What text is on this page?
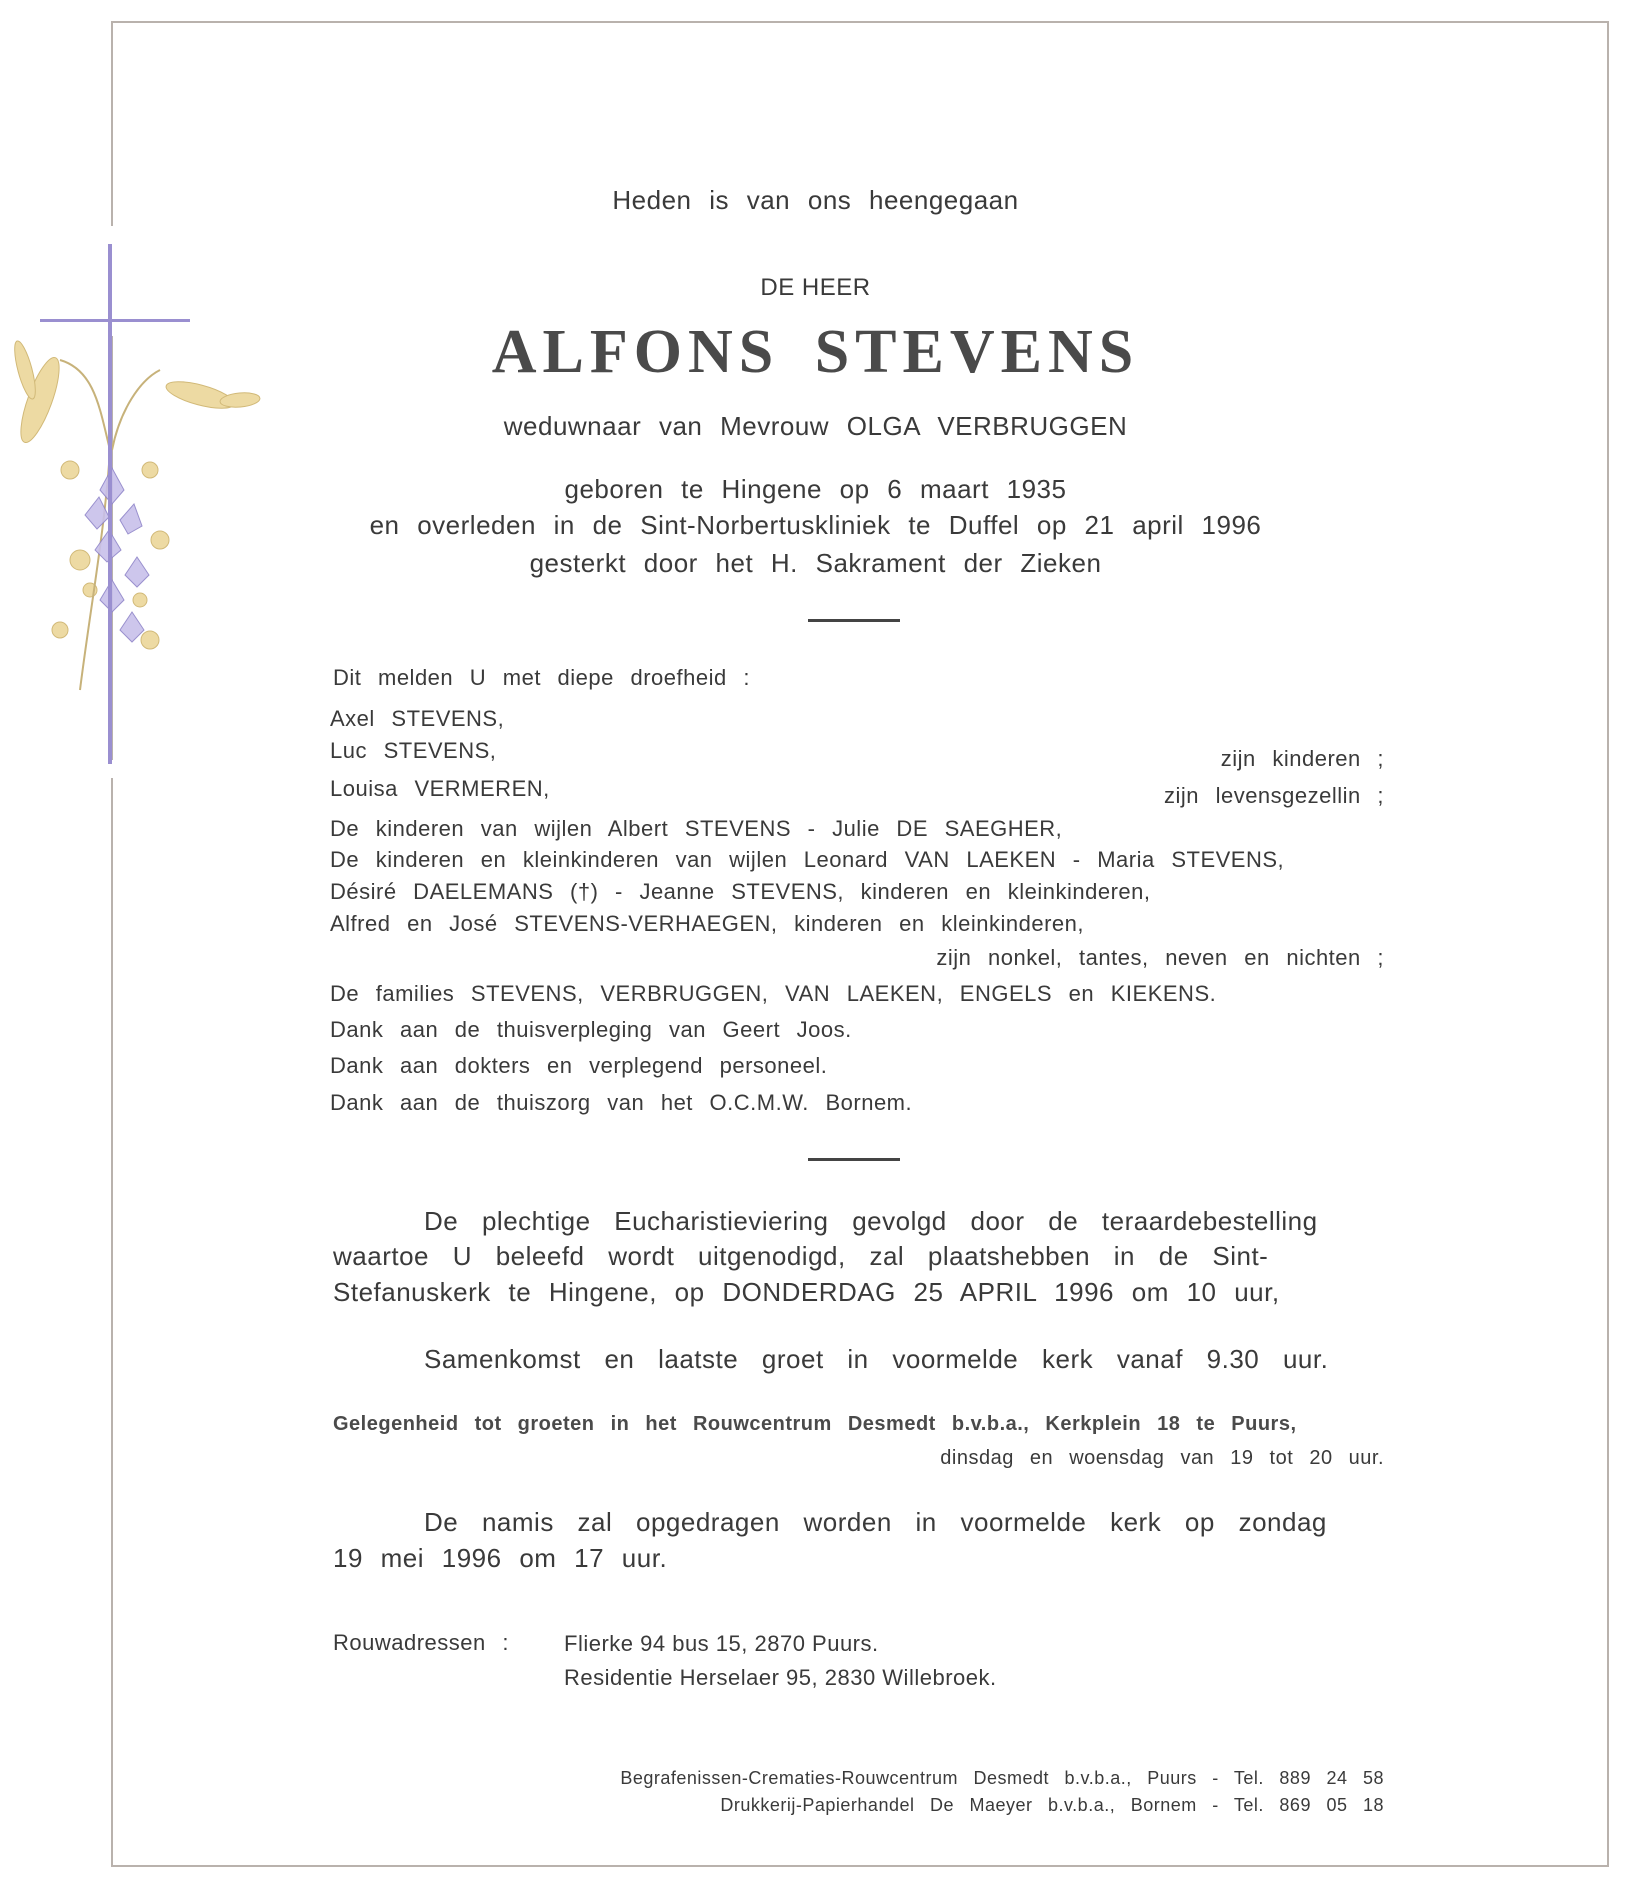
Heden is van ons heengegaan
DE HEER
ALFONS STEVENS
weduwnaar van Mevrouw OLGA VERBRUGGEN
geboren te Hingene op 6 maart 1935
en overleden in de Sint-Norbertuskliniek te Duffel op 21 april 1996
gesterkt door het H. Sakrament der Zieken
Dit melden U met diepe droefheid :
Axel STEVENS,
Luc STEVENS,	zijn kinderen ;
Louisa VERMEREN,	zijn levensgezellin ;
De kinderen van wijlen Albert STEVENS - Julie DE SAEGHER,
De kinderen en kleinkinderen van wijlen Leonard VAN LAEKEN - Maria STEVENS,
Désiré DAELEMANS (†) - Jeanne STEVENS, kinderen en kleinkinderen,
Alfred en José STEVENS-VERHAEGEN, kinderen en kleinkinderen,
zijn nonkel, tantes, neven en nichten ;
De families STEVENS, VERBRUGGEN, VAN LAEKEN, ENGELS en KIEKENS.
Dank aan de thuisverpleging van Geert Joos.
Dank aan dokters en verplegend personeel.
Dank aan de thuiszorg van het O.C.M.W. Bornem.
De plechtige Eucharistieviering gevolgd door de teraardebestelling
waartoe U beleefd wordt uitgenodigd, zal plaatshebben in de Sint-
Stefanuskerk te Hingene, op DONDERDAG 25 APRIL 1996 om 10 uur,
Samenkomst en laatste groet in voormelde kerk vanaf 9.30 uur.
Gelegenheid tot groeten in het Rouwcentrum Desmedt b.v.b.a., Kerkplein 18 te Puurs,
dinsdag en woensdag van 19 tot 20 uur.
De namis zal opgedragen worden in voormelde kerk op zondag
19 mei 1996 om 17 uur.
Rouwadressen :	Flierke 94 bus 15, 2870 Puurs.
Residentie Herselaer 95, 2830 Willebroek.
Begrafenissen-Crematies-Rouwcentrum Desmedt b.v.b.a., Puurs - Tel. 889 24 58
Drukkerij-Papierhandel De Maeyer b.v.b.a., Bornem - Tel. 869 05 18
